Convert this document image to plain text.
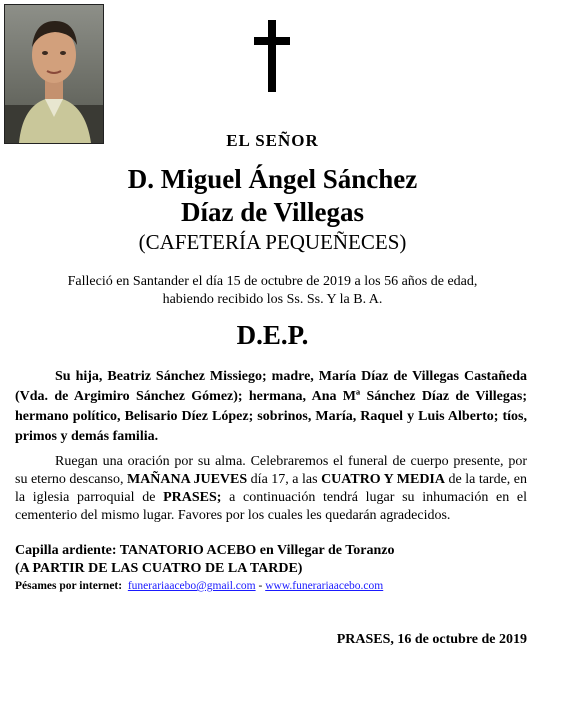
EL SEÑOR
D. Miguel Ángel Sánchez
Díaz de Villegas
(CAFETERÍA PEQUEÑECES)
Falleció en Santander el día 15 de octubre de 2019 a los 56 años de edad,
habiendo recibido los Ss. Ss. Y la B. A.
D.E.P.
Su hija, Beatriz Sánchez Missiego; madre, María Díaz de Villegas Castañeda (Vda. de Argimiro Sánchez Gómez); hermana, Ana Mª Sánchez Díaz de Villegas; hermano político, Belisario Díez López; sobrinos, María, Raquel y Luis Alberto; tíos, primos y demás familia.
Ruegan una oración por su alma. Celebraremos el funeral de cuerpo presente, por su eterno descanso, MAÑANA JUEVES día 17, a las CUATRO Y MEDIA de la tarde, en la iglesia parroquial de PRASES; a continuación tendrá lugar su inhumación en el cementerio del mismo lugar. Favores por los cuales les quedarán agradecidos.
Capilla ardiente: TANATORIO ACEBO en Villegar de Toranzo
(A PARTIR DE LAS CUATRO DE LA TARDE)
Pésames por internet: funerariaacebo@gmail.com - www.funerariaacebo.com
PRASES, 16 de octubre de 2019
